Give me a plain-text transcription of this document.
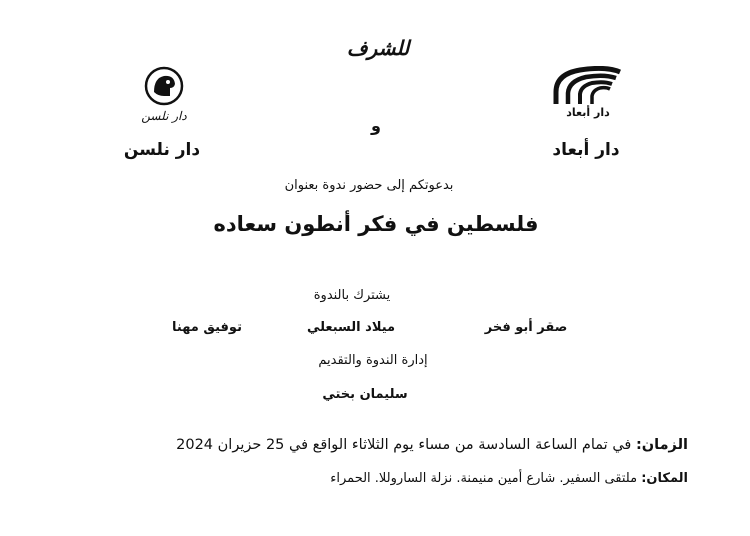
للشرف
دار أبعاد
دار نلسن	و
دار أبعاد
دار نلسن
بدعوتكم إلى حضور ندوة بعنوان
فلسطين في فكر أنطون سعاده
يشترك بالندوة
صقر أبو فخر
ميلاد السبعلي
توفيق مهنا
إدارة الندوة والتقديم
سليمان بختي
الزمان: في تمام الساعة السادسة من مساء يوم الثلاثاء الواقع في 25 حزيران 2024
المكان: ملتقى السفير. شارع أمين منيمنة. نزلة الساروللا. الحمراء
